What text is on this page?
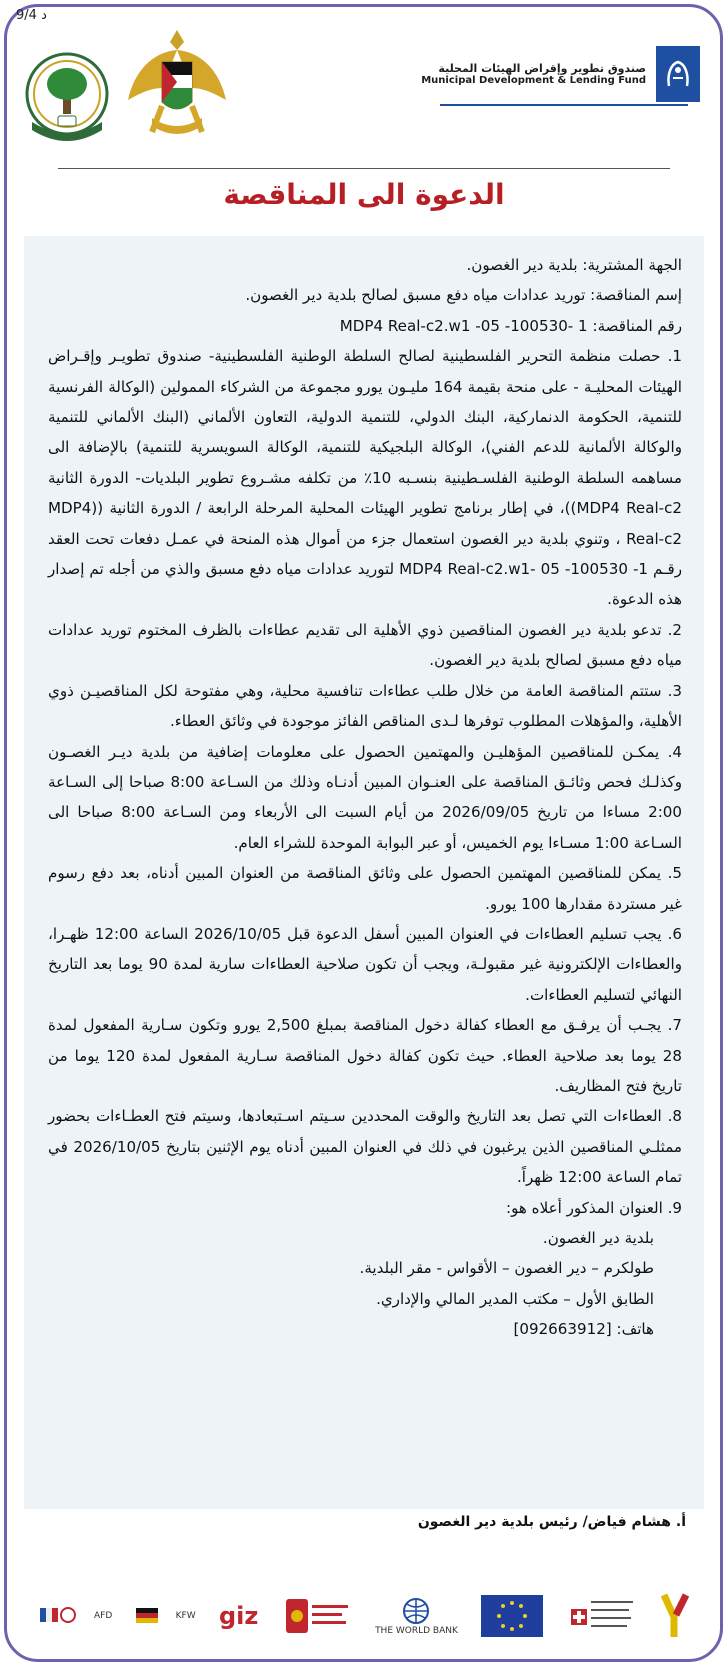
9/4 د
صندوق تطوير وإقراض الهيئات المحلية
Municipal Development & Lending Fund
الدعوة الى المناقصة

الجهة المشترية: بلدية دير الغصون.

إسم المناقصة: توريد عدادات مياه دفع مسبق لصالح بلدية دير الغصون.

رقم المناقصة: MDP4 Real-c2.w1 -05 -100530- 1

1. حصلت منظمة التحرير الفلسطينية لصالح السلطة الوطنية الفلسطينية- صندوق تطويـر وإقـراض الهيئات المحليـة - على منحة بقيمة 164 مليـون يورو مجموعة من الشركاء الممولين (الوكالة الفرنسية للتنمية، الحكومة الدنماركية، البنك الدولي، للتنمية الدولية، التعاون الألماني (البنك الألماني للتنمية والوكالة الألمانية للدعم الفني)، الوكالة البلجيكية للتنمية، الوكالة السويسرية للتنمية) بالإضافة الى مساهمه السلطة الوطنية الفلسـطينية بنسـبه 10٪ من تكلفه مشـروع تطوير البلديات- الدورة الثانية MDP4 Real-c2))، في إطار برنامج تطوير الهيئات المحلية المرحلة الرابعة / الدورة الثانية ((MDP4 Real-c2 ، وتنوي بلدية دير الغصون استعمال جزء من أموال هذه المنحة في عمـل دفعات تحت العقد رقـم 1- 100530- 05 -MDP4 Real-c2.w1 لتوريد عدادات مياه دفع مسبق والذي من أجله تم إصدار هذه الدعوة.

2. تدعو بلدية دير الغصون المناقصين ذوي الأهلية الى تقديم عطاءات بالظرف المختوم توريد عدادات مياه دفع مسبق لصالح بلدية دير الغصون.

3. ستتم المناقصة العامة من خلال طلب عطاءات تنافسية محلية، وهي مفتوحة لكل المناقصيـن ذوي الأهلية، والمؤهلات المطلوب توفرها لـدى المناقص الفائز موجودة في وثائق العطاء.

4. يمكـن للمناقصين المؤهليـن والمهتمين الحصول على معلومات إضافية من بلدية ديـر الغصـون وكذلـك فحص وثائـق المناقصة على العنـوان المبين أدنـاه وذلك من السـاعة 8:00 صباحا إلى السـاعة 2:00 مساءا من تاريخ 2026/09/05 من أيام السبت الى الأربعاء ومن السـاعة 8:00 صباحا الى السـاعة 1:00 مسـاءا يوم الخميس، أو عبر البوابة الموحدة للشراء العام.

5. يمكن للمناقصين المهتمين الحصول على وثائق المناقصة من العنوان المبين أدناه، بعد دفع رسوم غير مستردة مقدارها 100 يورو.

6. يجب تسليم العطاءات في العنوان المبين أسفل الدعوة قبل 2026/10/05 الساعة 12:00 ظهـرا، والعطاءات الإلكترونية غير مقبولـة، ويجب أن تكون صلاحية العطاءات سارية لمدة 90 يوما بعد التاريخ النهائي لتسليم العطاءات.

7. يجـب أن يرفـق مع العطاء كفالة دخول المناقصة بمبلغ 2,500 يورو وتكون سـارية المفعول لمدة 28 يوما بعد صلاحية العطاء. حيث تكون كفالة دخول المناقصة سـارية المفعول لمدة 120 يوما من تاريخ فتح المظاريف.

8. العطاءات التي تصل بعد التاريخ والوقت المحددين سـيتم اسـتبعادها، وسيتم فتح العطـاءات بحضور ممثلـي المناقصين الذين يرغبون في ذلك في العنوان المبين أدناه يوم الإثنين بتاريخ 2026/10/05 في تمام الساعة 12:00 ظهراً.

9. العنوان المذكور أعلاه هو:

بلدية دير الغصون.

طولكرم – دير الغصون – الأقواس - مقر البلدية.

الطابق الأول – مكتب المدير المالي والإداري.

هاتف: [092663912]

أ. هشام فياض/ رئيس بلدية دير الغصون
AFD	KFW giz
THE WORLD BANK
